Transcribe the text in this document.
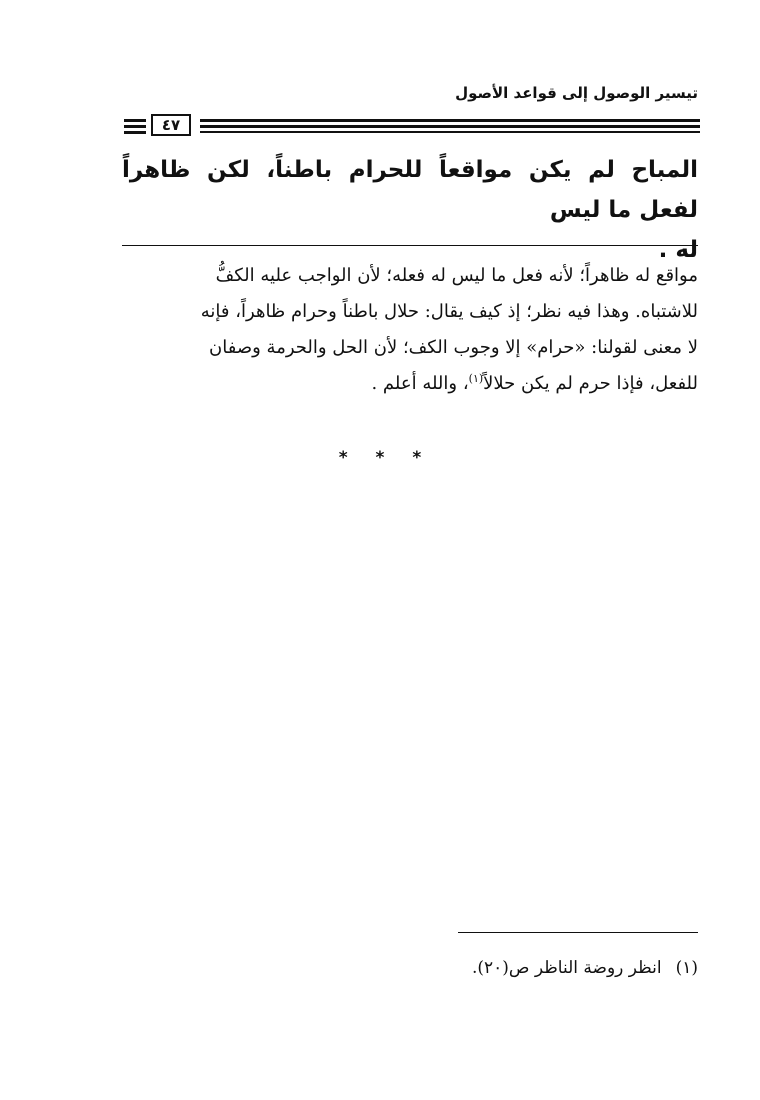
تيسير الوصول إلى قواعد الأصول
٤٧

المباح لم يكن مواقعاً للحرام باطناً، لكن ظاهراً لفعل ما ليس

له .

مواقع له ظاهراً؛ لأنه فعل ما ليس له فعله؛ لأن الواجب عليه الكفُّ

للاشتباه. وهذا فيه نظر؛ إذ كيف يقال: حلال باطناً وحرام ظاهراً، فإنه

لا معنى لقولنا: «حرام» إلا وجوب الكف؛ لأن الحل والحرمة وصفان

للفعل، فإذا حرم لم يكن حلالاً$^{(١)}$، والله أعلم .

* * *
(١)انظر روضة الناظر ص(٢٠).
